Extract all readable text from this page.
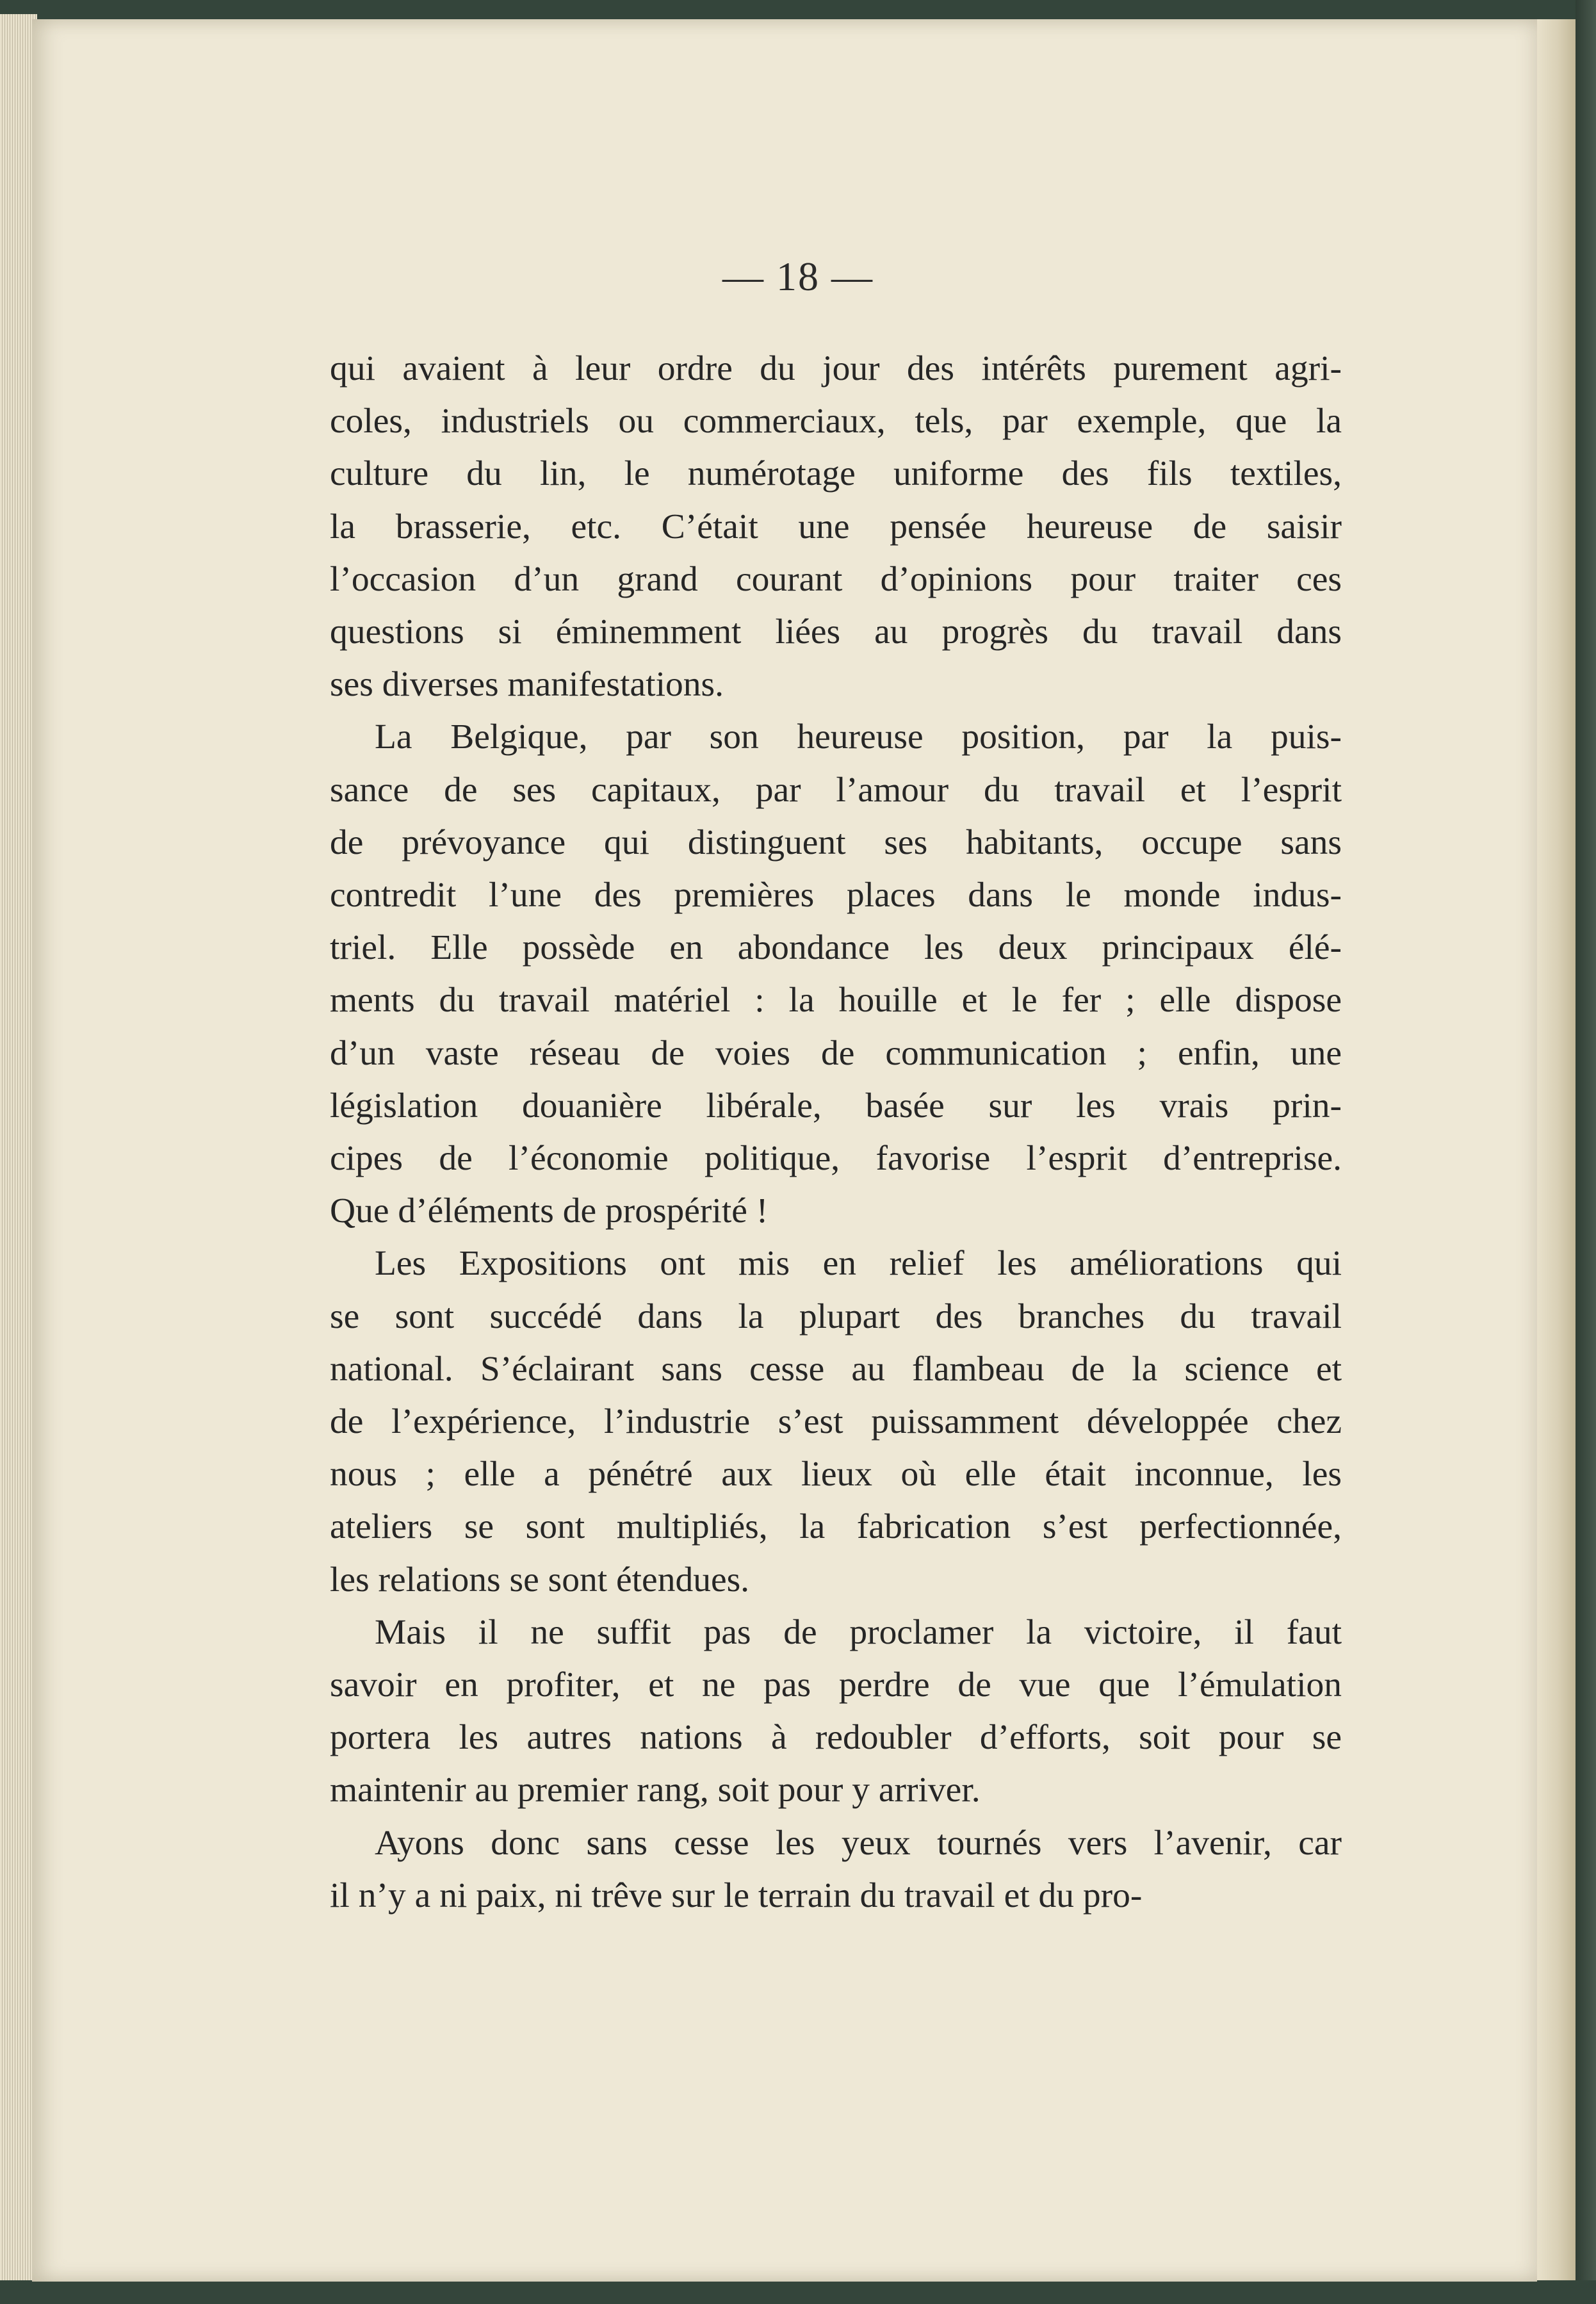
— 18 —

qui avaient à leur ordre du jour des intérêts purement agri-
coles, industriels ou commerciaux, tels, par exemple, que la
culture du lin, le numérotage uniforme des fils textiles,
la brasserie, etc. C’était une pensée heureuse de saisir
l’occasion d’un grand courant d’opinions pour traiter ces
questions si éminemment liées au progrès du travail dans
ses diverses manifestations.

La Belgique, par son heureuse position, par la puis-
sance de ses capitaux, par l’amour du travail et l’esprit
de prévoyance qui distinguent ses habitants, occupe sans
contredit l’une des premières places dans le monde indus-
triel. Elle possède en abondance les deux principaux élé-
ments du travail matériel : la houille et le fer ; elle dispose
d’un vaste réseau de voies de communication ; enfin, une
législation douanière libérale, basée sur les vrais prin-
cipes de l’économie politique, favorise l’esprit d’entreprise.
Que d’éléments de prospérité !

Les Expositions ont mis en relief les améliorations qui
se sont succédé dans la plupart des branches du travail
national. S’éclairant sans cesse au flambeau de la science et
de l’expérience, l’industrie s’est puissamment développée chez
nous ; elle a pénétré aux lieux où elle était inconnue, les
ateliers se sont multipliés, la fabrication s’est perfectionnée,
les relations se sont étendues.

Mais il ne suffit pas de proclamer la victoire, il faut
savoir en profiter, et ne pas perdre de vue que l’émulation
portera les autres nations à redoubler d’efforts, soit pour se
maintenir au premier rang, soit pour y arriver.

Ayons donc sans cesse les yeux tournés vers l’avenir, car
il n’y a ni paix, ni trêve sur le terrain du travail et du pro-
